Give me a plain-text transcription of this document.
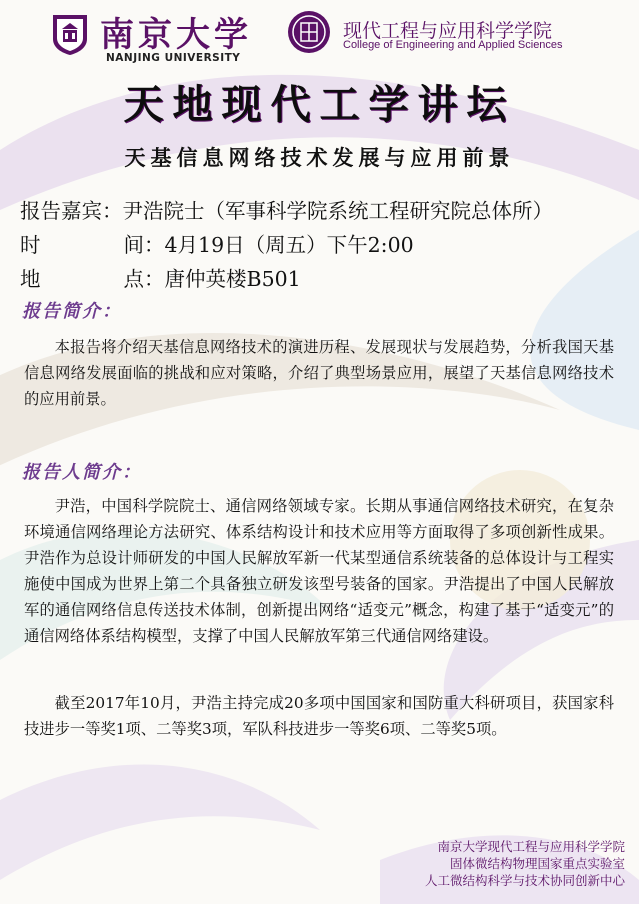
南京大学
NANJING UNIVERSITY
现代工程与应用科学学院
College of Engineering and Applied Sciences
天地现代工学讲坛
天基信息网络技术发展与应用前景
报告嘉宾：尹浩院士（军事科学院系统工程研究院总体所）
时 间：4月19日（周五）下午2:00
地 点：唐仲英楼B501
报告简介：
本报告将介绍天基信息网络技术的演进历程、发展现状与发展趋势，分析我国天基信息网络发展面临的挑战和应对策略，介绍了典型场景应用，展望了天基信息网络技术的应用前景。
报告人简介：
尹浩，中国科学院院士、通信网络领域专家。长期从事通信网络技术研究，在复杂环境通信网络理论方法研究、体系结构设计和技术应用等方面取得了多项创新性成果。尹浩作为总设计师研发的中国人民解放军新一代某型通信系统装备的总体设计与工程实施使中国成为世界上第二个具备独立研发该型号装备的国家。尹浩提出了中国人民解放军的通信网络信息传送技术体制，创新提出网络“适变元”概念，构建了基于“适变元”的通信网络体系结构模型，支撑了中国人民解放军第三代通信网络建设。
截至2017年10月，尹浩主持完成20多项中国国家和国防重大科研项目，获国家科技进步一等奖1项、二等奖3项，军队科技进步一等奖6项、二等奖5项。
南京大学现代工程与应用科学学院
固体微结构物理国家重点实验室
人工微结构科学与技术协同创新中心
